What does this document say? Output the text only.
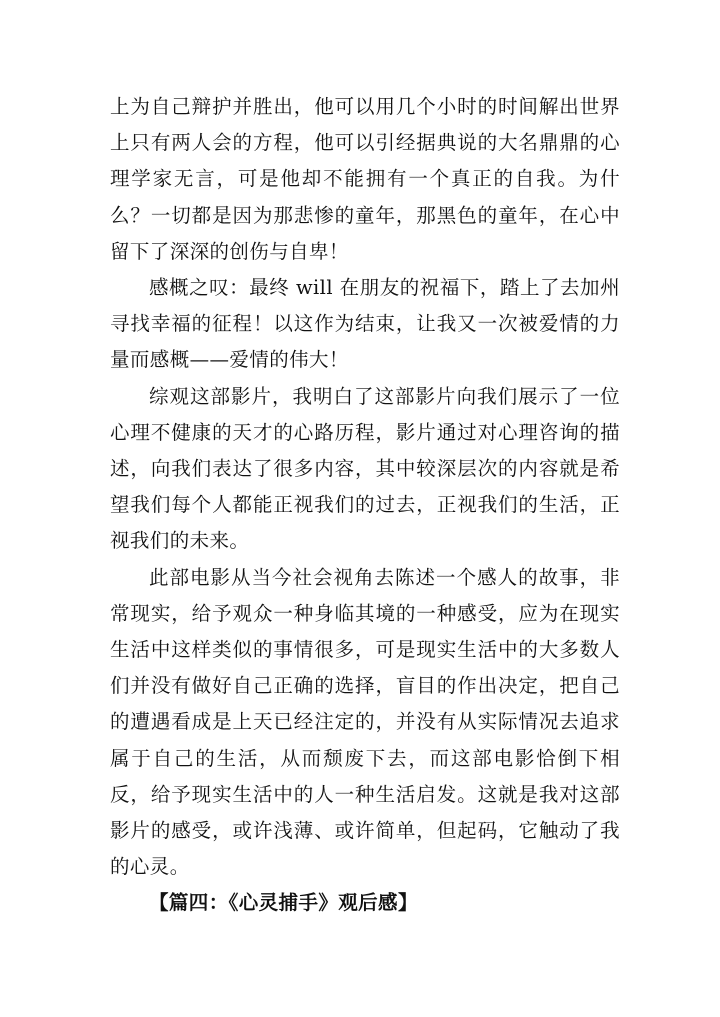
上为自己辩护并胜出，他可以用几个小时的时间解出世界上只有两人会的方程，他可以引经据典说的大名鼎鼎的心理学家无言，可是他却不能拥有一个真正的自我。为什么？一切都是因为那悲惨的童年，那黑色的童年，在心中留下了深深的创伤与自卑！

感概之叹：最终 will 在朋友的祝福下，踏上了去加州寻找幸福的征程！以这作为结束，让我又一次被爱情的力量而感概——爱情的伟大！

综观这部影片，我明白了这部影片向我们展示了一位心理不健康的天才的心路历程，影片通过对心理咨询的描述，向我们表达了很多内容，其中较深层次的内容就是希望我们每个人都能正视我们的过去，正视我们的生活，正视我们的未来。

此部电影从当今社会视角去陈述一个感人的故事，非常现实，给予观众一种身临其境的一种感受，应为在现实生活中这样类似的事情很多，可是现实生活中的大多数人们并没有做好自己正确的选择，盲目的作出决定，把自己的遭遇看成是上天已经注定的，并没有从实际情况去追求属于自己的生活，从而颓废下去，而这部电影恰倒下相反，给予现实生活中的人一种生活启发。这就是我对这部影片的感受，或许浅薄、或许简单，但起码，它触动了我的心灵。

【篇四：《心灵捕手》观后感】
